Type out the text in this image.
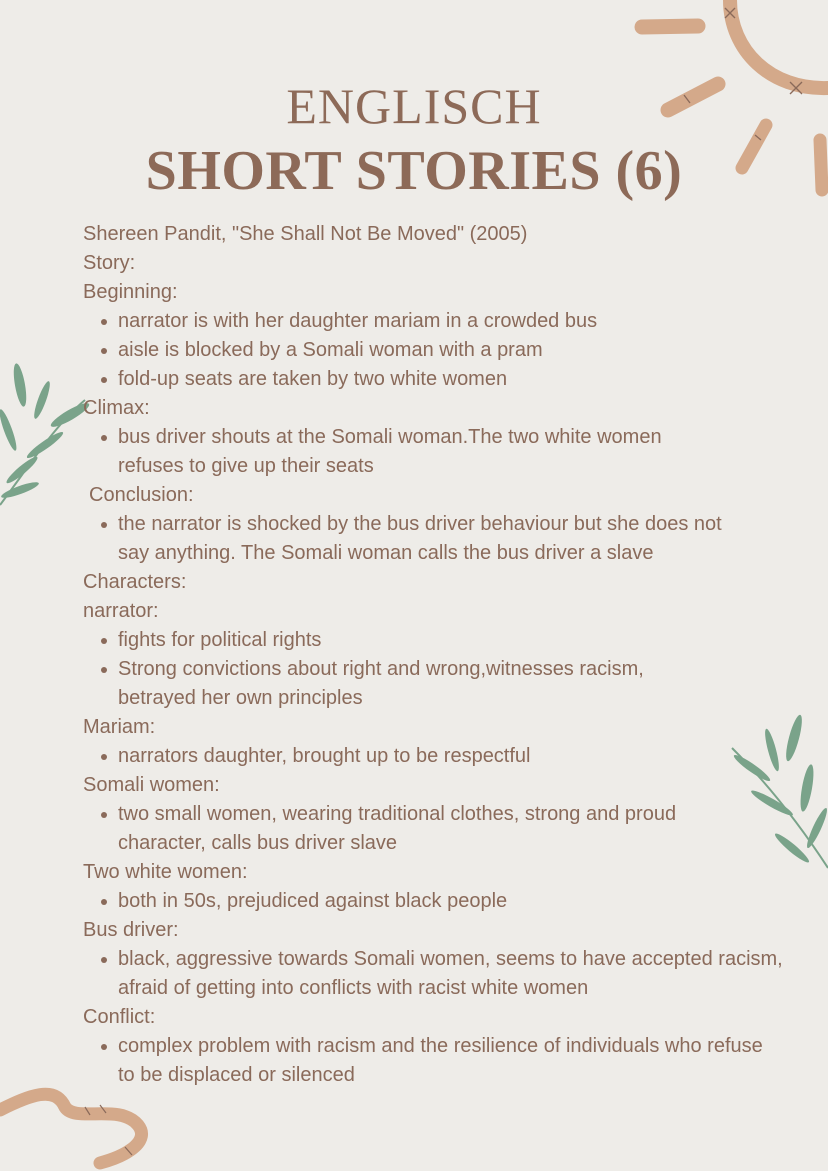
ENGLISCH
SHORT STORIES (6)
Shereen Pandit, "She Shall Not Be Moved" (2005)
Story:
Beginning:
narrator is with her daughter mariam in a crowded bus
aisle is blocked by a Somali woman with a pram
fold-up seats are taken by two white women
Climax:
bus driver shouts at the Somali woman.The two white women refuses to give up their seats
Conclusion:
the narrator is shocked by the bus driver behaviour but she does not say anything. The Somali woman calls the bus driver a slave
Characters:
narrator:
fights for political rights
Strong convictions about right and wrong,witnesses racism, betrayed her own principles
Mariam:
narrators daughter, brought up to be respectful
Somali women:
two small women, wearing traditional clothes, strong and proud character, calls bus driver slave
Two white women:
both in 50s, prejudiced against black people
Bus driver:
black, aggressive towards Somali women, seems to have accepted racism, afraid of getting into conflicts with racist white women
Conflict:
complex problem with racism and the resilience of individuals who refuse to be displaced or silenced
